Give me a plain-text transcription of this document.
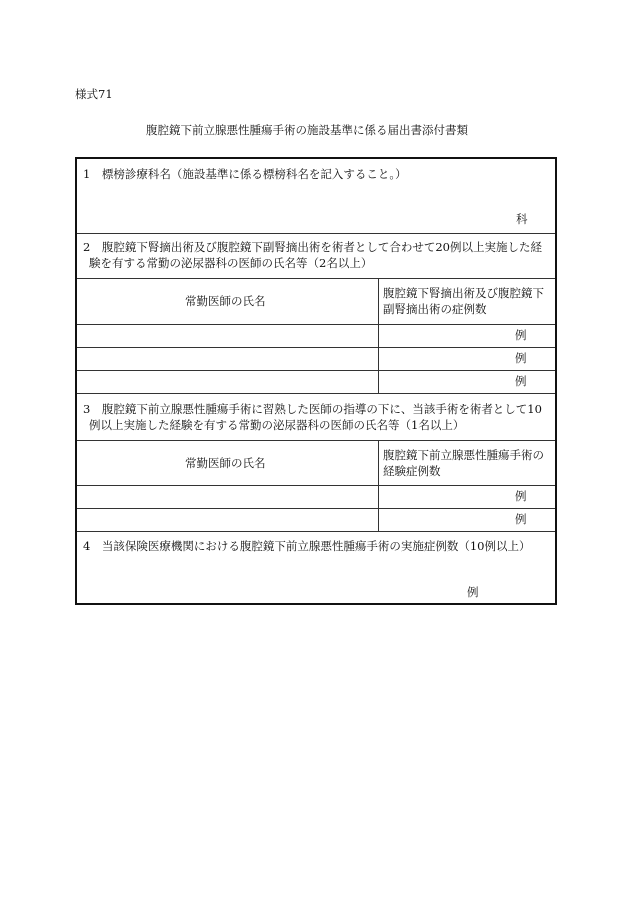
様式71
腹腔鏡下前立腺悪性腫瘍手術の施設基準に係る届出書添付書類
1　標榜診療科名（施設基準に係る標榜科名を記入すること。）
科
2　腹腔鏡下腎摘出術及び腹腔鏡下副腎摘出術を術者として合わせて20例以上実施した経
験を有する常勤の泌尿器科の医師の氏名等（2名以上）
常勤医師の氏名
腹腔鏡下腎摘出術及び腹腔鏡下
副腎摘出術の症例数
例
例
例
3　腹腔鏡下前立腺悪性腫瘍手術に習熟した医師の指導の下に、当該手術を術者として10
例以上実施した経験を有する常勤の泌尿器科の医師の氏名等（1名以上）
常勤医師の氏名
腹腔鏡下前立腺悪性腫瘍手術の
経験症例数
例
例
4　当該保険医療機関における腹腔鏡下前立腺悪性腫瘍手術の実施症例数（10例以上）
例
